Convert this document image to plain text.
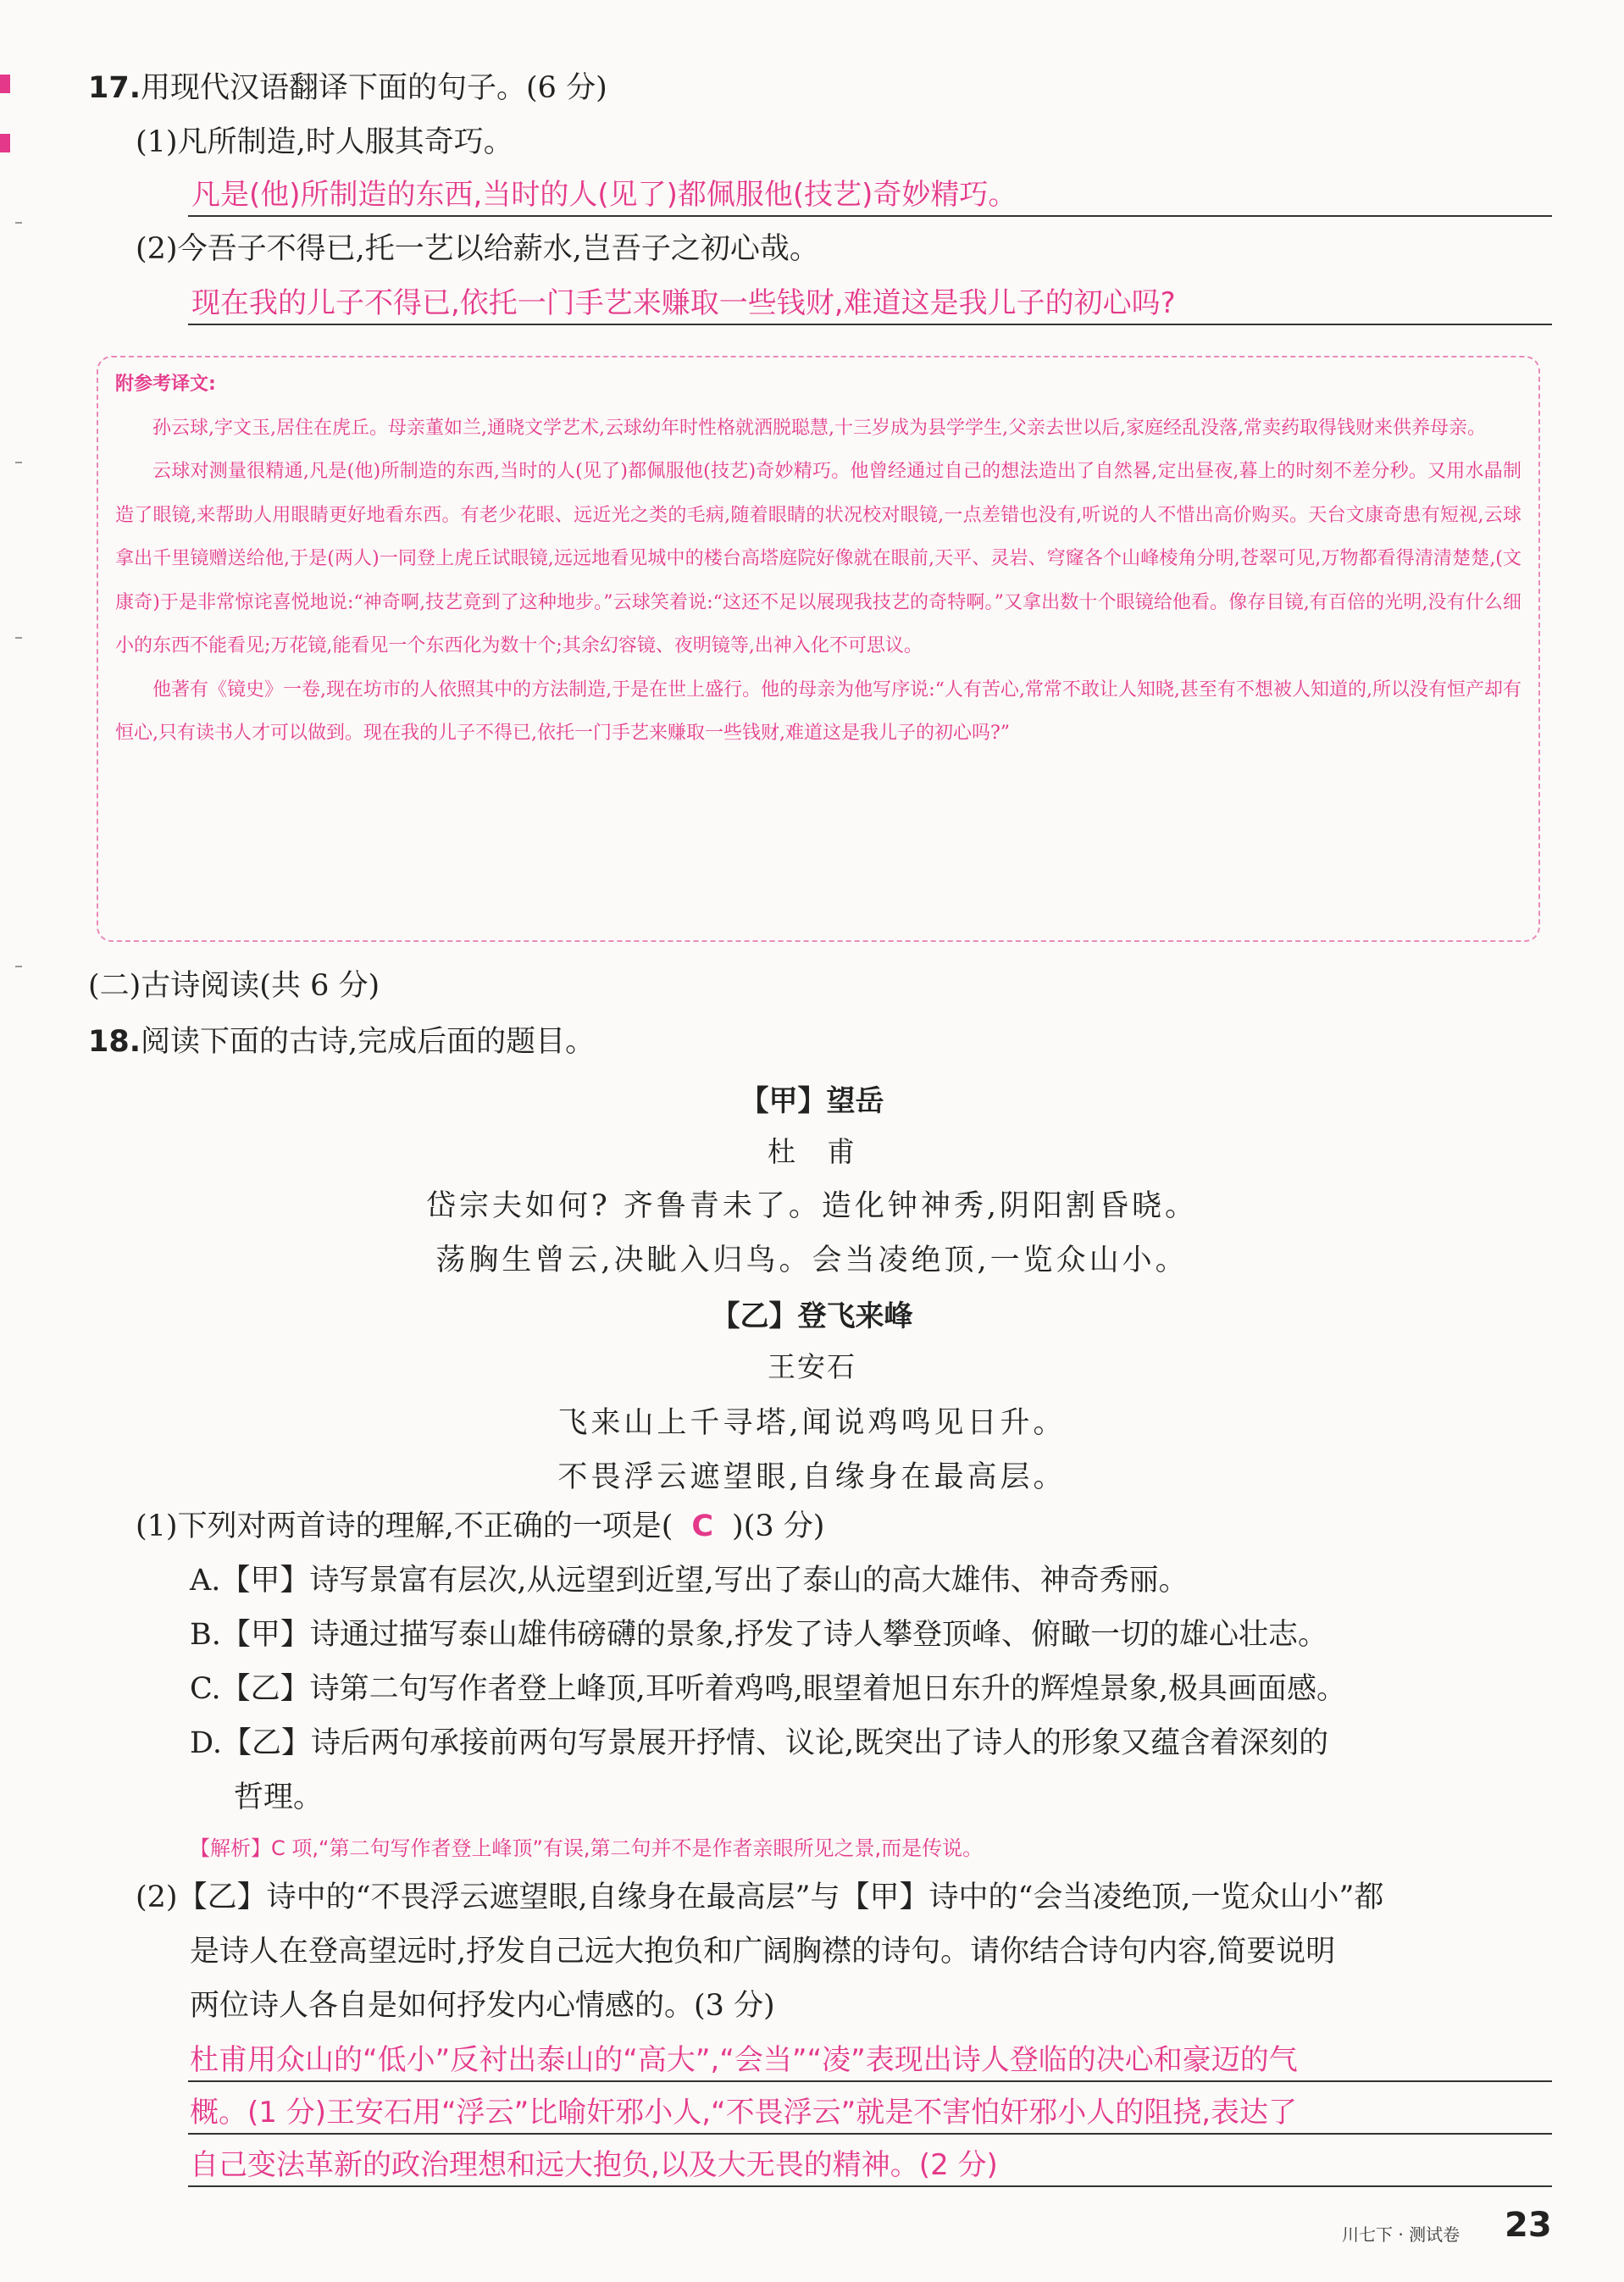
17.用现代汉语翻译下面的句子。(6 分)
(1)凡所制造,时人服其奇巧。
凡是(他)所制造的东西,当时的人(见了)都佩服他(技艺)奇妙精巧。
(2)今吾子不得已,托一艺以给薪水,岂吾子之初心哉。
现在我的儿子不得已,依托一门手艺来赚取一些钱财,难道这是我儿子的初心吗?

附参考译文:

孙云球,字文玉,居住在虎丘。母亲董如兰,通晓文学艺术,云球幼年时性格就洒脱聪慧,十三岁成为县学学生,父亲去世以后,家庭经乱没落,常卖药取得钱财来供养母亲。

云球对测量很精通,凡是(他)所制造的东西,当时的人(见了)都佩服他(技艺)奇妙精巧。他曾经通过自己的想法造出了自然晷,定出昼夜,暮上的时刻不差分秒。又用水晶制造了眼镜,来帮助人用眼睛更好地看东西。有老少花眼、远近光之类的毛病,随着眼睛的状况校对眼镜,一点差错也没有,听说的人不惜出高价购买。天台文康奇患有短视,云球拿出千里镜赠送给他,于是(两人)一同登上虎丘试眼镜,远远地看见城中的楼台高塔庭院好像就在眼前,天平、灵岩、穹窿各个山峰棱角分明,苍翠可见,万物都看得清清楚楚,(文康奇)于是非常惊诧喜悦地说:“神奇啊,技艺竟到了这种地步。”云球笑着说:“这还不足以展现我技艺的奇特啊。”又拿出数十个眼镜给他看。像存目镜,有百倍的光明,没有什么细小的东西不能看见;万花镜,能看见一个东西化为数十个;其余幻容镜、夜明镜等,出神入化不可思议。

他著有《镜史》一卷,现在坊市的人依照其中的方法制造,于是在世上盛行。他的母亲为他写序说:“人有苦心,常常不敢让人知晓,甚至有不想被人知道的,所以没有恒产却有恒心,只有读书人才可以做到。现在我的儿子不得已,依托一门手艺来赚取一些钱财,难道这是我儿子的初心吗?”

(二)古诗阅读(共 6 分)
18.阅读下面的古诗,完成后面的题目。
【甲】望岳
杜　甫
岱宗夫如何? 齐鲁青未了。造化钟神秀,阴阳割昏晓。
荡胸生曾云,决眦入归鸟。会当凌绝顶,一览众山小。
【乙】登飞来峰
王安石
飞来山上千寻塔,闻说鸡鸣见日升。
不畏浮云遮望眼,自缘身在最高层。
(1)下列对两首诗的理解,不正确的一项是( C )(3 分)
A.【甲】诗写景富有层次,从远望到近望,写出了泰山的高大雄伟、神奇秀丽。
B.【甲】诗通过描写泰山雄伟磅礴的景象,抒发了诗人攀登顶峰、俯瞰一切的雄心壮志。
C.【乙】诗第二句写作者登上峰顶,耳听着鸡鸣,眼望着旭日东升的辉煌景象,极具画面感。
D.【乙】诗后两句承接前两句写景展开抒情、议论,既突出了诗人的形象又蕴含着深刻的
哲理。
【解析】C 项,“第二句写作者登上峰顶”有误,第二句并不是作者亲眼所见之景,而是传说。
(2)【乙】诗中的“不畏浮云遮望眼,自缘身在最高层”与【甲】诗中的“会当凌绝顶,一览众山小”都
是诗人在登高望远时,抒发自己远大抱负和广阔胸襟的诗句。请你结合诗句内容,简要说明
两位诗人各自是如何抒发内心情感的。(3 分)
杜甫用众山的“低小”反衬出泰山的“高大”,“会当”“凌”表现出诗人登临的决心和豪迈的气
概。(1 分)王安石用“浮云”比喻奸邪小人,“不畏浮云”就是不害怕奸邪小人的阻挠,表达了
自己变法革新的政治理想和远大抱负,以及大无畏的精神。(2 分)
川七下 · 测试卷 23
